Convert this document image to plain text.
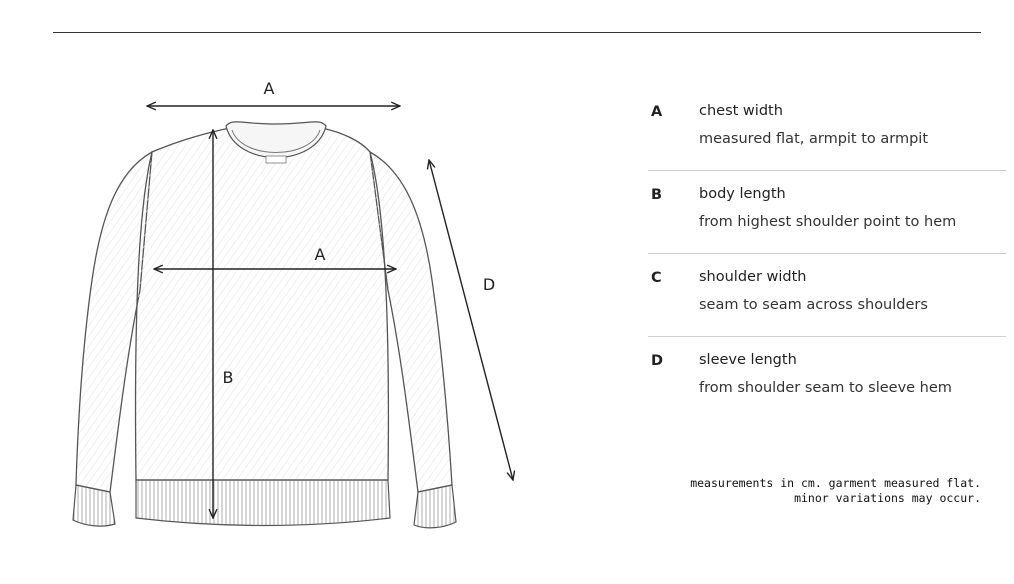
A
A
B
D
A	chest width
measured flat, armpit to armpit
B	body length
from highest shoulder point to hem
C	shoulder width
seam to seam across shoulders
D sleeve length
from shoulder seam to sleeve hem
measurements in cm. garment measured flat.
minor variations may occur.
